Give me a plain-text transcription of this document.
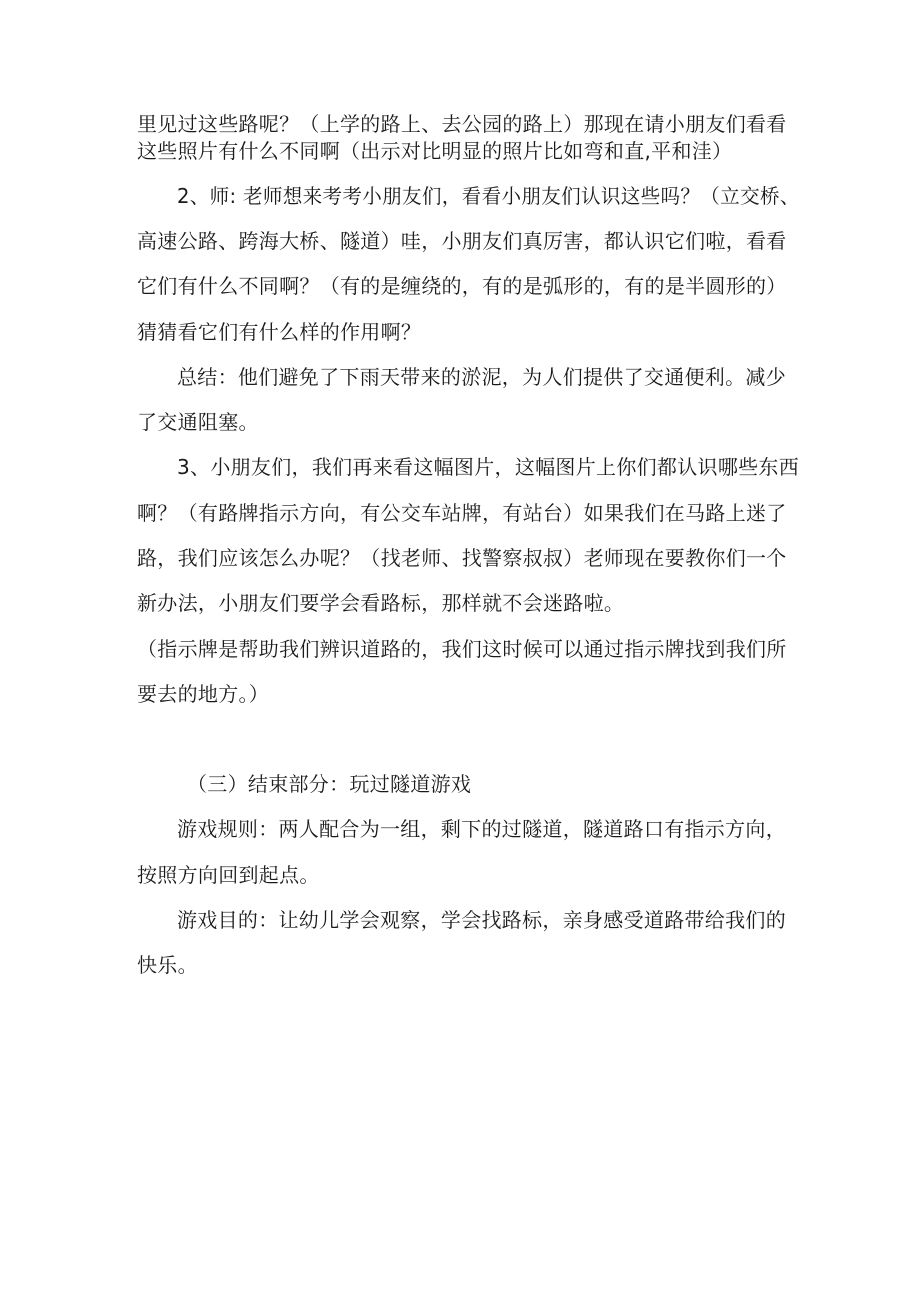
里见过这些路呢？（上学的路上、去公园的路上）那现在请小朋友们看看
这些照片有什么不同啊（出示对比明显的照片比如弯和直,平和洼）
2、师: 老师想来考考小朋友们，看看小朋友们认识这些吗？（立交桥、
高速公路、跨海大桥、隧道）哇，小朋友们真厉害，都认识它们啦，看看
它们有什么不同啊？（有的是缠绕的，有的是弧形的，有的是半圆形的）
猜猜看它们有什么样的作用啊？
总结：他们避免了下雨天带来的淤泥，为人们提供了交通便利。减少
了交通阻塞。
3、小朋友们，我们再来看这幅图片，这幅图片上你们都认识哪些东西
啊？（有路牌指示方向，有公交车站牌，有站台）如果我们在马路上迷了
路，我们应该怎么办呢？（找老师、找警察叔叔）老师现在要教你们一个
新办法，小朋友们要学会看路标，那样就不会迷路啦。
（指示牌是帮助我们辨识道路的，我们这时候可以通过指示牌找到我们所
要去的地方。）
（三）结束部分：玩过隧道游戏
游戏规则：两人配合为一组，剩下的过隧道，隧道路口有指示方向，
按照方向回到起点。
游戏目的：让幼儿学会观察，学会找路标，亲身感受道路带给我们的
快乐。
